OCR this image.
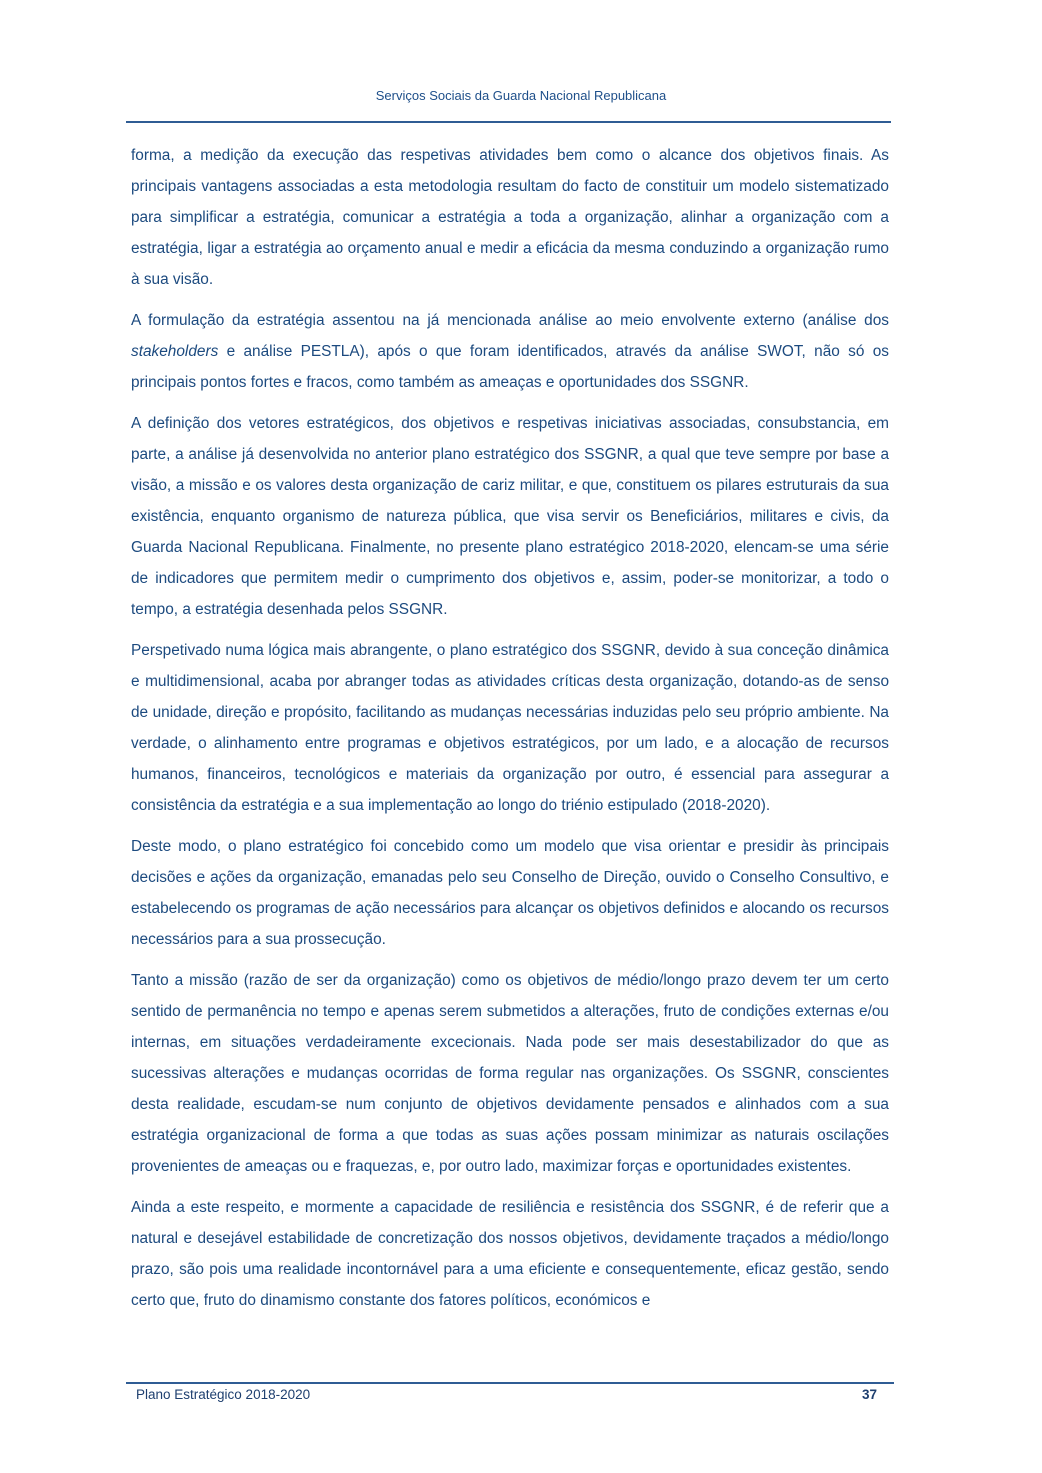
Serviços Sociais da Guarda Nacional Republicana

forma, a medição da execução das respetivas atividades bem como o alcance dos objetivos finais. As principais vantagens associadas a esta metodologia resultam do facto de constituir um modelo sistematizado para simplificar a estratégia, comunicar a estratégia a toda a organização, alinhar a organização com a estratégia, ligar a estratégia ao orçamento anual e medir a eficácia da mesma conduzindo a organização rumo à sua visão.

A formulação da estratégia assentou na já mencionada análise ao meio envolvente externo (análise dos stakeholders e análise PESTLA), após o que foram identificados, através da análise SWOT, não só os principais pontos fortes e fracos, como também as ameaças e oportunidades dos SSGNR.

A definição dos vetores estratégicos, dos objetivos e respetivas iniciativas associadas, consubstancia, em parte, a análise já desenvolvida no anterior plano estratégico dos SSGNR, a qual que teve sempre por base a visão, a missão e os valores desta organização de cariz militar, e que, constituem os pilares estruturais da sua existência, enquanto organismo de natureza pública, que visa servir os Beneficiários, militares e civis, da Guarda Nacional Republicana. Finalmente, no presente plano estratégico 2018-2020, elencam-se uma série de indicadores que permitem medir o cumprimento dos objetivos e, assim, poder-se monitorizar, a todo o tempo, a estratégia desenhada pelos SSGNR.

Perspetivado numa lógica mais abrangente, o plano estratégico dos SSGNR, devido à sua conceção dinâmica e multidimensional, acaba por abranger todas as atividades críticas desta organização, dotando-as de senso de unidade, direção e propósito, facilitando as mudanças necessárias induzidas pelo seu próprio ambiente. Na verdade, o alinhamento entre programas e objetivos estratégicos, por um lado, e a alocação de recursos humanos, financeiros, tecnológicos e materiais da organização por outro, é essencial para assegurar a consistência da estratégia e a sua implementação ao longo do triénio estipulado (2018-2020).

Deste modo, o plano estratégico foi concebido como um modelo que visa orientar e presidir às principais decisões e ações da organização, emanadas pelo seu Conselho de Direção, ouvido o Conselho Consultivo, e estabelecendo os programas de ação necessários para alcançar os objetivos definidos e alocando os recursos necessários para a sua prossecução.

Tanto a missão (razão de ser da organização) como os objetivos de médio/longo prazo devem ter um certo sentido de permanência no tempo e apenas serem submetidos a alterações, fruto de condições externas e/ou internas, em situações verdadeiramente excecionais. Nada pode ser mais desestabilizador do que as sucessivas alterações e mudanças ocorridas de forma regular nas organizações. Os SSGNR, conscientes desta realidade, escudam-se num conjunto de objetivos devidamente pensados e alinhados com a sua estratégia organizacional de forma a que todas as suas ações possam minimizar as naturais oscilações provenientes de ameaças ou e fraquezas, e, por outro lado, maximizar forças e oportunidades existentes.

Ainda a este respeito, e mormente a capacidade de resiliência e resistência dos SSGNR, é de referir que a natural e desejável estabilidade de concretização dos nossos objetivos, devidamente traçados a médio/longo prazo, são pois uma realidade incontornável para a uma eficiente e consequentemente, eficaz gestão, sendo certo que, fruto do dinamismo constante dos fatores políticos, económicos e

Plano Estratégico 2018-2020	37
